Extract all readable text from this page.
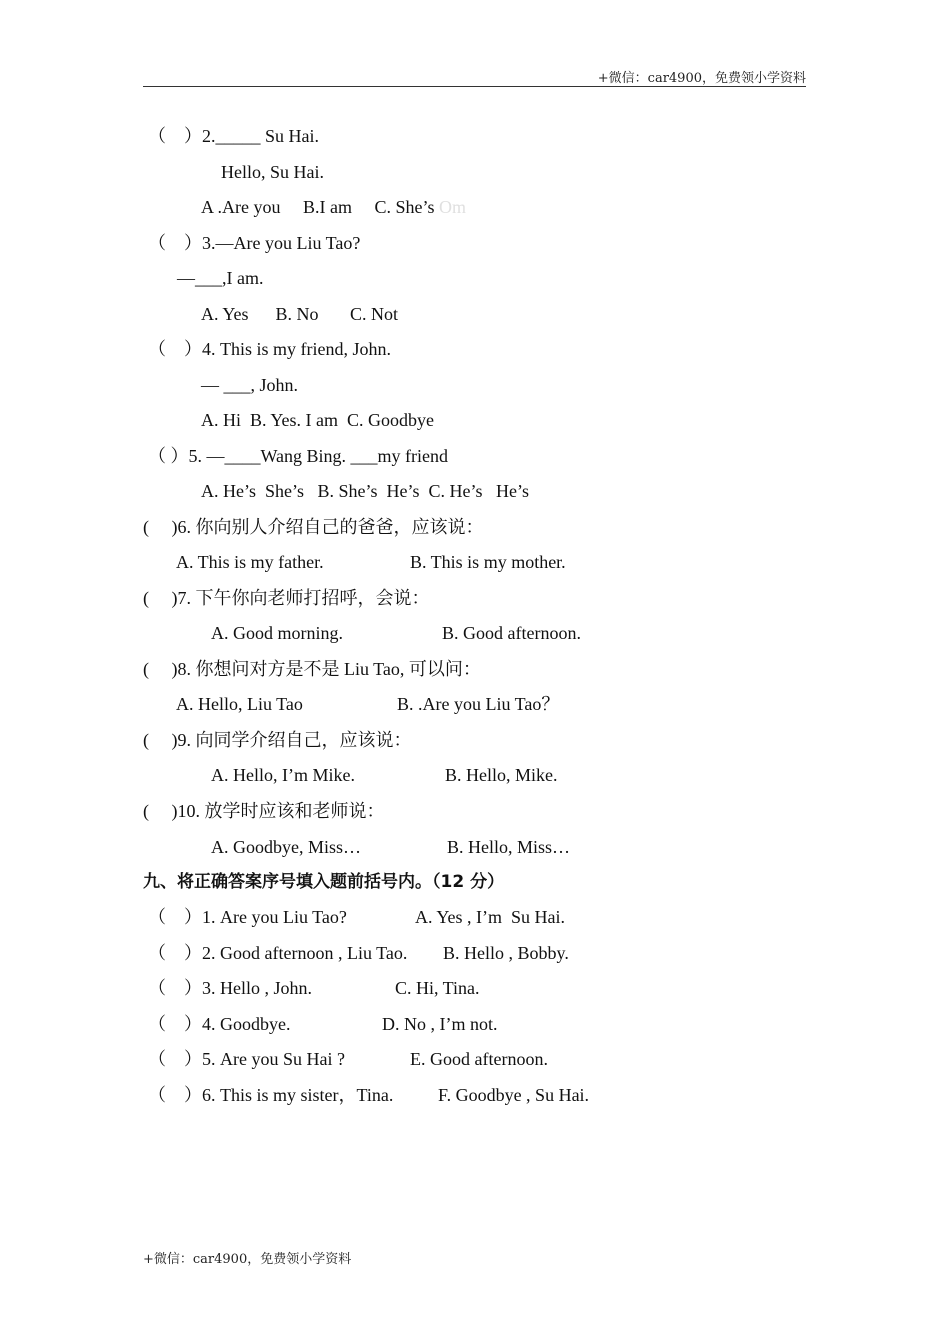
+微信：car4900，免费领小学资料
（　）2._____ Su Hai.
Hello, Su Hai.
A .Are you     B.I am     C. She’s Om
（　）3.—Are you Liu Tao?
—___,I am.
A. Yes      B. No       C. Not
（　）4. This is my friend, John.
— ___, John.
A. Hi  B. Yes. I am  C. Goodbye
（ ）5. —____Wang Bing. ___my friend
A. He’s  She’s   B. She’s  He’s  C. He’s   He’s
(     )6. 你向别人介绍自己的爸爸，应该说：
A. This is my father.	B. This is my mother.
(     )7. 下午你向老师打招呼，会说：
A. Good morning.	B. Good afternoon.
(     )8. 你想问对方是不是 Liu Tao, 可以问：
A. Hello, Liu Tao	B. .Are you Liu Tao？
(     )9. 向同学介绍自己，应该说：
A. Hello, I’m Mike.	B. Hello, Mike.
(     )10. 放学时应该和老师说：
A. Goodbye, Miss…	B. Hello, Miss…
九、将正确答案序号填入题前括号内。（12 分）
（　）1. Are you Liu Tao?	A. Yes , I’m  Su Hai.
（　）2. Good afternoon , Liu Tao. B. Hello , Bobby.
（　）3. Hello , John.	C. Hi, Tina.
（　）4. Goodbye.	D. No , I’m not.
（　）5. Are you Su Hai ?	E. Good afternoon.
（　）6. This is my sister，Tina. F. Goodbye , Su Hai.
+微信：car4900，免费领小学资料
